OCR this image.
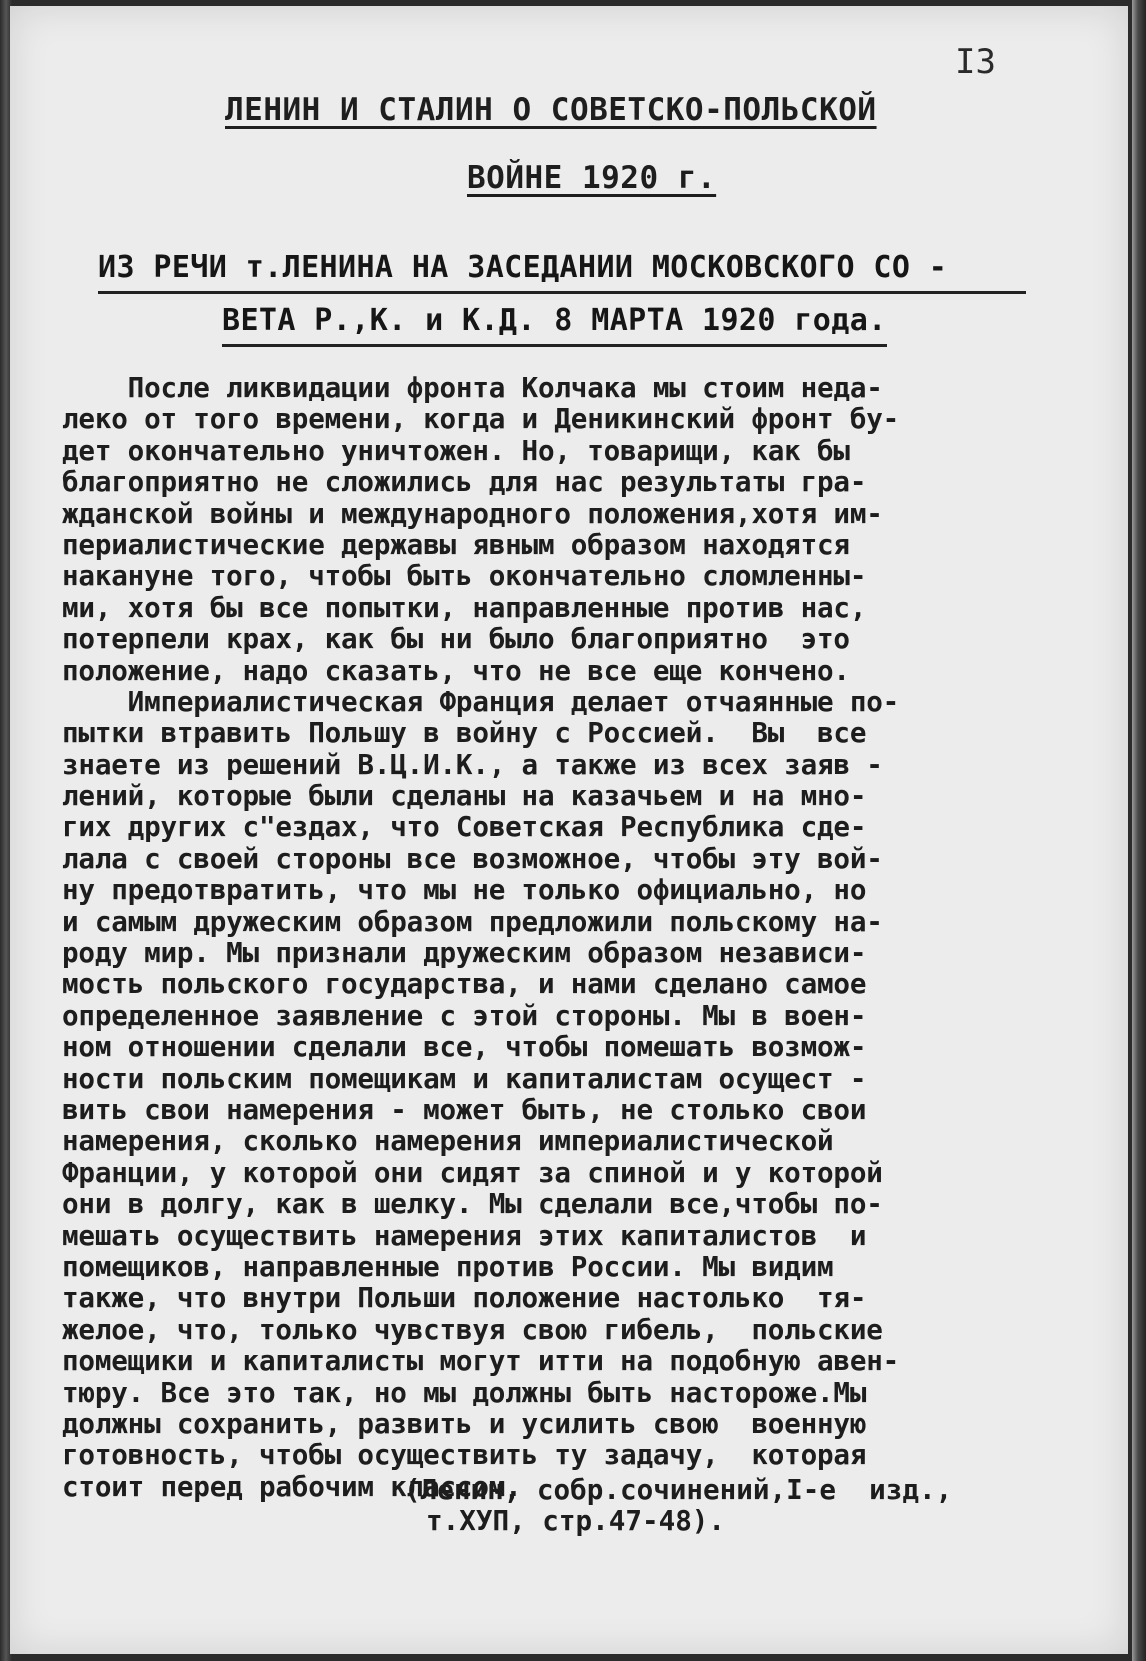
I3
ЛЕНИН И СТАЛИН О СОВЕТСКО-ПОЛЬСКОЙ
ВОЙНЕ 1920 г.
ИЗ РЕЧИ т.ЛЕНИНА НА ЗАСЕДАНИИ МОСКОВСКОГО СО -
ВЕТА Р.,К. и К.Д. 8 МАРТА 1920 года.
После ликвидации фронта Колчака мы стоим неда-
леко от того времени, когда и Деникинский фронт бу-
дет окончательно уничтожен. Но, товарищи, как бы
благоприятно не сложились для нас результаты гра-
жданской войны и международного положения,хотя им-
периалистические державы явным образом находятся
накануне того, чтобы быть окончательно сломленны-
ми, хотя бы все попытки, направленные против нас,
потерпели крах, как бы ни было благоприятно  это
положение, надо сказать, что не все еще кончено.
Империалистическая Франция делает отчаянные по-
пытки втравить Польшу в войну с Россией.  Вы  все
знаете из решений В.Ц.И.К., а также из всех заяв -
лений, которые были сделаны на казачьем и на мно-
гих других с"ездах, что Советская Республика сде-
лала с своей стороны все возможное, чтобы эту вой-
ну предотвратить, что мы не только официально, но
и самым дружеским образом предложили польскому на-
роду мир. Мы признали дружеским образом независи-
мость польского государства, и нами сделано самое
определенное заявление с этой стороны. Мы в воен-
ном отношении сделали все, чтобы помешать возмож-
ности польским помещикам и капиталистам осущест -
вить свои намерения - может быть, не столько свои
намерения, сколько намерения империалистической
Франции, у которой они сидят за спиной и у которой
они в долгу, как в шелку. Мы сделали все,чтобы по-
мешать осуществить намерения этих капиталистов  и
помещиков, направленные против России. Мы видим
также, что внутри Польши положение настолько  тя-
желое, что, только чувствуя свою гибель,  польские
помещики и капиталисты могут итти на подобную авен-
тюру. Все это так, но мы должны быть настороже.Мы
должны сохранить, развить и усилить свою  военную
готовность, чтобы осуществить ту задачу,  которая
стоит перед рабочим классом.
(Ленин, собр.сочинений,I-е  изд.,
т.ХУП, стр.47-48).
